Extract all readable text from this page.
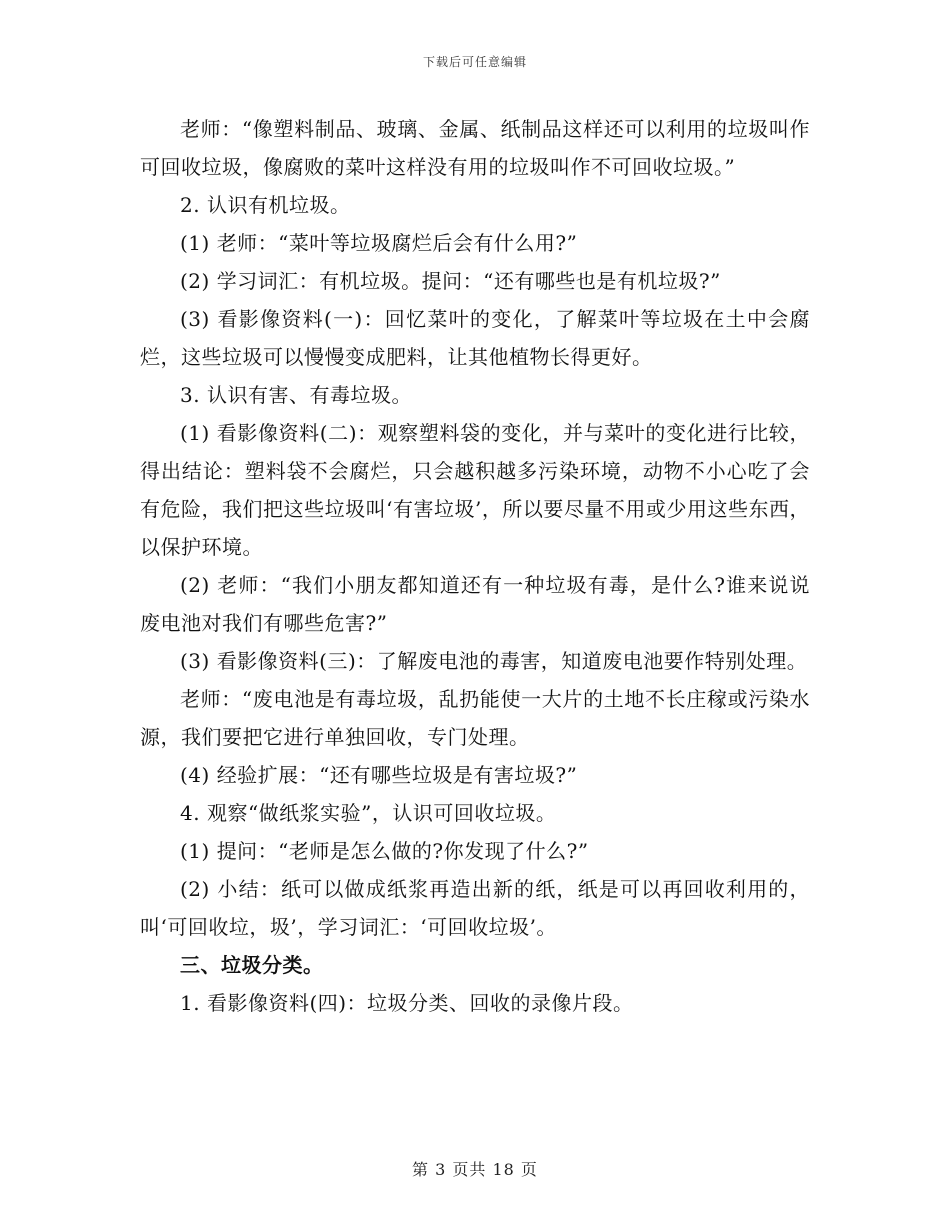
下载后可任意编辑

老师：“像塑料制品、玻璃、金属、纸制品这样还可以利用的垃圾叫作可回收垃圾，像腐败的菜叶这样没有用的垃圾叫作不可回收垃圾。”

2. 认识有机垃圾。

(1) 老师：“菜叶等垃圾腐烂后会有什么用?”

(2) 学习词汇：有机垃圾。提问：“还有哪些也是有机垃圾?”

(3) 看影像资料(一)：回忆菜叶的变化，了解菜叶等垃圾在土中会腐烂，这些垃圾可以慢慢变成肥料，让其他植物长得更好。

3. 认识有害、有毒垃圾。

(1) 看影像资料(二)：观察塑料袋的变化，并与菜叶的变化进行比较，得出结论：塑料袋不会腐烂，只会越积越多污染环境，动物不小心吃了会有危险，我们把这些垃圾叫‘有害垃圾’，所以要尽量不用或少用这些东西，以保护环境。

(2) 老师：“我们小朋友都知道还有一种垃圾有毒，是什么?谁来说说废电池对我们有哪些危害?”

(3) 看影像资料(三)：了解废电池的毒害，知道废电池要作特别处理。

老师：“废电池是有毒垃圾，乱扔能使一大片的土地不长庄稼或污染水源，我们要把它进行单独回收，专门处理。

(4) 经验扩展：“还有哪些垃圾是有害垃圾?”

4. 观察“做纸浆实验”，认识可回收垃圾。

(1) 提问：“老师是怎么做的?你发现了什么?”

(2) 小结：纸可以做成纸浆再造出新的纸，纸是可以再回收利用的，叫‘可回收垃，圾’，学习词汇：‘可回收垃圾’。

三、垃圾分类。

1. 看影像资料(四)：垃圾分类、回收的录像片段。

第 3 页共 18 页
